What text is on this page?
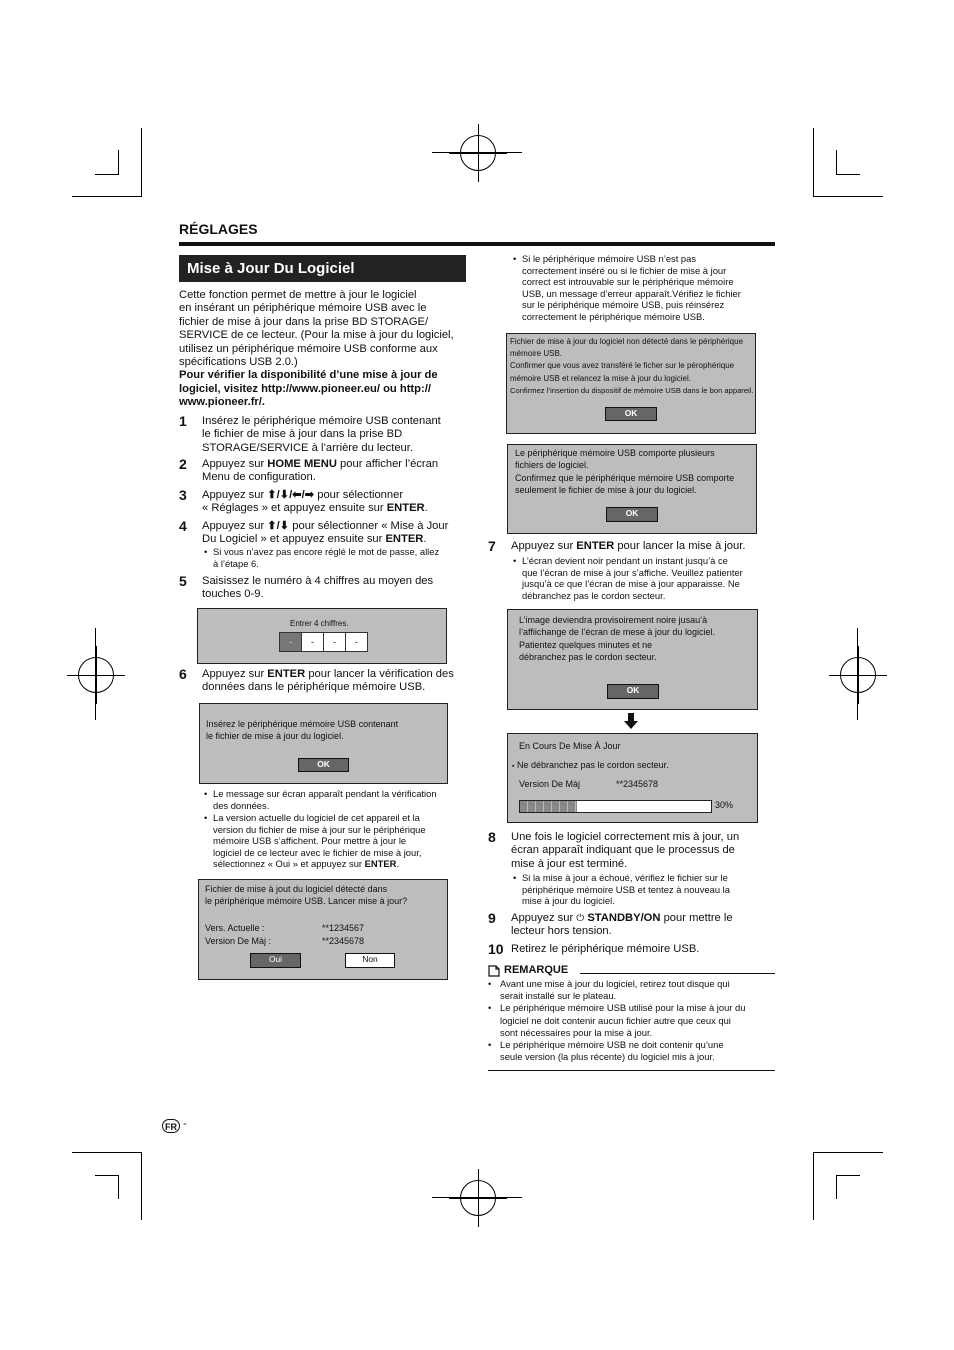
RÉGLAGES
Mise à Jour Du Logiciel
Cette fonction permet de mettre à jour le logiciel
en insérant un périphérique mémoire USB avec le
fichier de mise à jour dans la prise BD STORAGE/
SERVICE de ce lecteur. (Pour la mise à jour du logiciel,
utilisez un périphérique mémoire USB conforme aux
spécifications USB 2.0.)
Pour vérifier la disponibilité d’une mise à jour de
logiciel, visitez http://www.pioneer.eu/ ou http://
www.pioneer.fr/.
1 Insérez le périphérique mémoire USB contenant
le fichier de mise à jour dans la prise BD
STORAGE/SERVICE à l’arrière du lecteur.
2 Appuyez sur HOME MENU pour afficher l’écran
Menu de configuration.
3 Appuyez sur ⬆/⬇/⬅/➡ pour sélectionner
« Réglages » et appuyez ensuite sur ENTER.
4 Appuyez sur ⬆/⬇ pour sélectionner « Mise à Jour
Du Logiciel » et appuyez ensuite sur ENTER.
• Si vous n’avez pas encore réglé le mot de passe, allez
à l’étape 6.
5 Saisissez le numéro à 4 chiffres au moyen des
touches 0-9.
Entrer 4 chiffres.
-	-	-	-
6 Appuyez sur ENTER pour lancer la vérification des
données dans le périphérique mémoire USB.
Insérez le périphérique mémoire USB contenant
le fichier de mise à jour du logiciel.
OK
• Le message sur écran apparaît pendant la vérification
des données.
• La version actuelle du logiciel de cet appareil et la
version du fichier de mise à jour sur le périphérique
mémoire USB s’affichent. Pour mettre à jour le
logiciel de ce lecteur avec le fichier de mise à jour,
sélectionnez « Oui » et appuyez sur ENTER.
Fichier de mise à jout du logiciel détecté dans
le périphérique mémoire USB. Lancer mise à jour?
Vers. Actuelle :	**1234567
Version De Màj :	**2345678
Oui	Non
FR -
• Si le périphérique mémoire USB n’est pas
correctement inséré ou si le fichier de mise à jour
correct est introuvable sur le périphérique mémoire
USB, un message d’erreur apparaît.Vérifiez le fichier
sur le périphérique mémoire USB, puis réinsérez
correctement le périphérique mémoire USB.
Fichier de mise à jour du logiciel non détecté dans le périphérique
mémoire USB.
Confirmer que vous avez transféré le ficher sur le pérophérique
mémoire USB et relancez la mise à jour du logiciel.
Confirmez l’insertion du dispositif de mémoire USB dans le bon appareil.
OK
Le périphérique mémoire USB comporte plusieurs
fichiers de logiciel.
Confirmez que le périphérique mémoire USB comporte
seulement le fichier de mise à jour du logiciel.
OK
7 Appuyez sur ENTER pour lancer la mise à jour.
• L’écran devient noir pendant un instant jusqu’à ce
que l’écran de mise à jour s’affiche. Veuillez patienter
jusqu’à ce que l’écran de mise à jour apparaisse. Ne
débranchez pas le cordon secteur.
L’image deviendra provisoirement noire jusau’à
l’affiichange de l’écran de mese à jour du logiciel.
Patientez quelques minutes et ne
débranchez pas le cordon secteur.
OK
En Cours De Mise À Jour
▪ Ne débranchez pas le cordon secteur.
Version De Màj	**2345678
30%
8 Une fois le logiciel correctement mis à jour, un
écran apparaît indiquant que le processus de
mise à jour est terminé.
• Si la mise à jour a échoué, vérifiez le fichier sur le
périphérique mémoire USB et tentez à nouveau la
mise à jour du logiciel.
9 Appuyez sur ⏻ STANDBY/ON pour mettre le
lecteur hors tension.
10 Retirez le périphérique mémoire USB.
REMARQUE
• Avant une mise à jour du logiciel, retirez tout disque qui
serait installé sur le plateau.
• Le périphérique mémoire USB utilisé pour la mise à jour du
logiciel ne doit contenir aucun fichier autre que ceux qui
sont nécessaires pour la mise à jour.
• Le périphérique mémoire USB ne doit contenir qu’une
seule version (la plus récente) du logiciel mis à jour.
